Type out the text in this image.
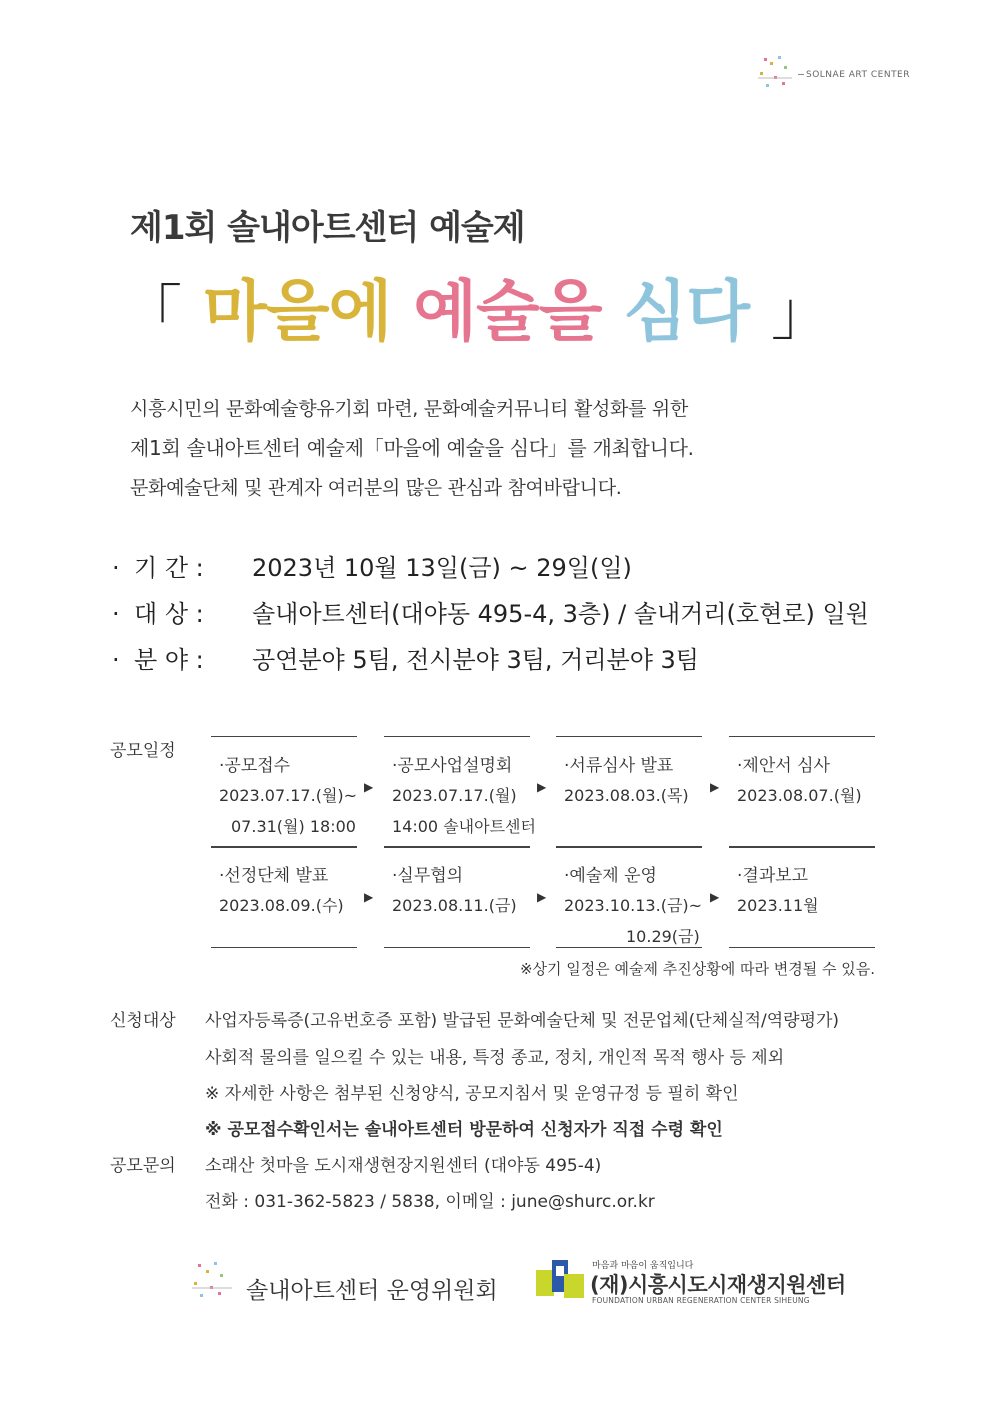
SOLNAE ART CENTER
제1회 솔내아트센터 예술제
「 마을에 예술을 심다 」
시흥시민의 문화예술향유기회 마련, 문화예술커뮤니티 활성화를 위한
제1회 솔내아트센터 예술제「마을에 예술을 심다」를 개최합니다.
문화예술단체 및 관계자 여러분의 많은 관심과 참여바랍니다.
· 기 간 : 2023년 10월 13일(금) ~ 29일(일)
· 대 상 : 솔내아트센터(대야동 495-4, 3층) / 솔내거리(호현로) 일원
· 분 야 : 공연분야 5팀, 전시분야 3팀, 거리분야 3팀
공모일정
·공모접수
2023.07.17.(월)~
07.31(월) 18:00
▶
·공모사업설명회
2023.07.17.(월)
14:00 솔내아트센터
▶
·서류심사 발표
2023.08.03.(목) ▶
·제안서 심사
2023.08.07.(월)
·선정단체 발표
2023.08.09.(수) ▶
·실무협의
2023.08.11.(금) ▶
·예술제 운영
2023.10.13.(금)~
10.29(금)
▶
·결과보고
2023.11월
※상기 일정은 예술제 추진상황에 따라 변경될 수 있음.
신청대상 사업자등록증(고유번호증 포함) 발급된 문화예술단체 및 전문업체(단체실적/역량평가)
사회적 물의를 일으킬 수 있는 내용, 특정 종교, 정치, 개인적 목적 행사 등 제외
※ 자세한 사항은 첨부된 신청양식, 공모지침서 및 운영규정 등 필히 확인
※ 공모접수확인서는 솔내아트센터 방문하여 신청자가 직접 수령 확인
공모문의 소래산 첫마을 도시재생현장지원센터 (대야동 495-4)
전화 : 031-362-5823 / 5838, 이메일 : june@shurc.or.kr
솔내아트센터 운영위원회
마음과 마음이 움직입니다
(재)시흥시도시재생지원센터
FOUNDATION URBAN REGENERATION CENTER SIHEUNG
